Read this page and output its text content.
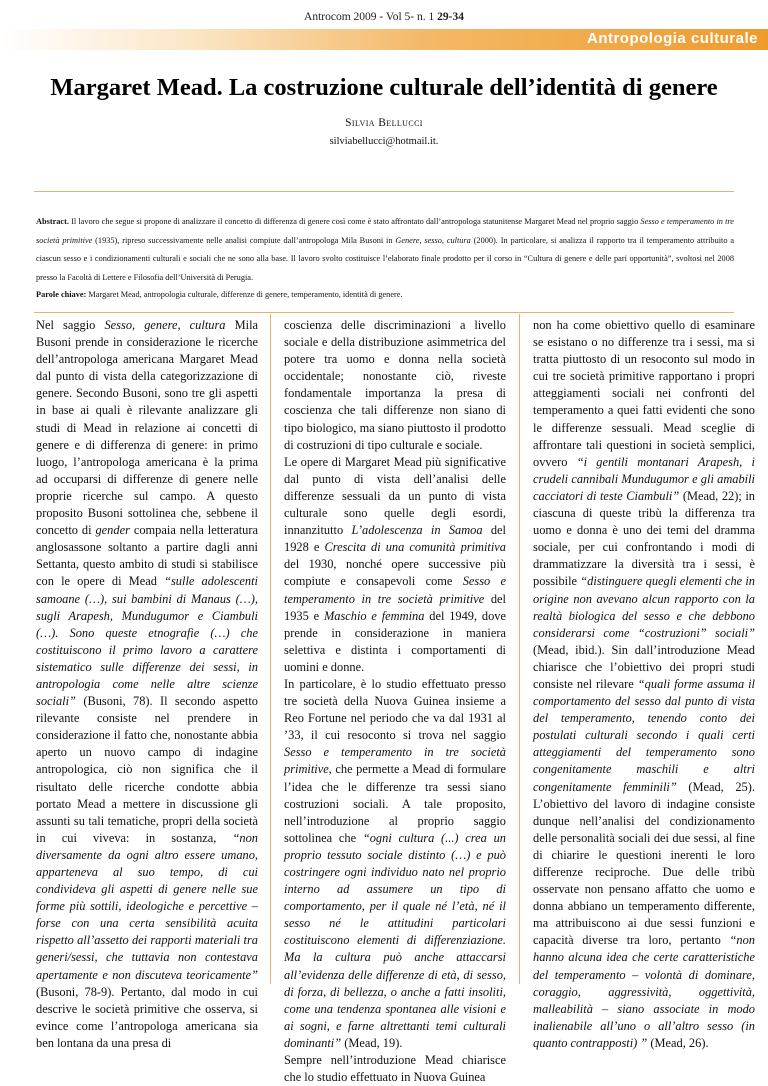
Antrocom 2009 - Vol 5- n. 1 29-34
Antropologia culturale
Margaret Mead. La costruzione culturale dell’identità di genere
Silvia Bellucci
silviabellucci@hotmail.it.
Abstract. Il lavoro che segue si propone di analizzare il concetto di differenza di genere così come è stato affrontato dall’antropologa statunitense Margaret Mead nel proprio saggio Sesso e temperamento in tre società primitive (1935), ripreso successivamente nelle analisi compiute dall’antropologa Mila Busoni in Genere, sesso, cultura (2000). In particolare, si analizza il rapporto tra il temperamento attribuito a ciascun sesso e i condizionamenti culturali e sociali che ne sono alla base. Il lavoro svolto costituisce l’elaborato finale prodotto per il corso in “Cultura di genere e delle pari opportunità”, svoltosi nel 2008 presso la Facoltà di Lettere e Filosofia dell’Università di Perugia.
Parole chiave: Margaret Mead, antropologia culturale, differenze di genere, temperamento, identità di genere.

Nel saggio Sesso, genere, cultura Mila Busoni prende in considerazione le ricerche dell’antropologa americana Margaret Mead dal punto di vista della categorizzazione di genere. Secondo Busoni, sono tre gli aspetti in base ai quali è rilevante analizzare gli studi di Mead in relazione ai concetti di genere e di differenza di genere: in primo luogo, l’antropologa americana è la prima ad occuparsi di differenze di genere nelle proprie ricerche sul campo. A questo proposito Busoni sottolinea che, sebbene il concetto di gender compaia nella letteratura anglosassone soltanto a partire dagli anni Settanta, questo ambito di studi si stabilisce con le opere di Mead “sulle adolescenti samoane (…), sui bambini di Manaus (…), sugli Arapesh, Mundugumor e Ciambuli (…). Sono queste etnografie (…) che costituiscono il primo lavoro a carattere sistematico sulle differenze dei sessi, in antropologia come nelle altre scienze sociali” (Busoni, 78). Il secondo aspetto rilevante consiste nel prendere in considerazione il fatto che, nonostante abbia aperto un nuovo campo di indagine antropologica, ciò non significa che il risultato delle ricerche condotte abbia portato Mead a mettere in discussione gli assunti su tali tematiche, propri della società in cui viveva: in sostanza, “non diversamente da ogni altro essere umano, apparteneva al suo tempo, di cui condivideva gli aspetti di genere nelle sue forme più sottili, ideologiche e percettive – forse con una certa sensibilità acuita rispetto all’assetto dei rapporti materiali tra generi/sessi, che tuttavia non contestava apertamente e non discuteva teoricamente” (Busoni, 78-9). Pertanto, dal modo in cui descrive le società primitive che osserva, si evince come l’antropologa americana sia ben lontana da una presa di

coscienza delle discriminazioni a livello sociale e della distribuzione asimmetrica del potere tra uomo e donna nella società occidentale; nonostante ciò, riveste fondamentale importanza la presa di coscienza che tali differenze non siano di tipo biologico, ma siano piuttosto il prodotto di costruzioni di tipo culturale e sociale.

Le opere di Margaret Mead più significative dal punto di vista dell’analisi delle differenze sessuali da un punto di vista culturale sono quelle degli esordi, innanzitutto L’adolescenza in Samoa del 1928 e Crescita di una comunità primitiva del 1930, nonché opere successive più compiute e consapevoli come Sesso e temperamento in tre società primitive del 1935 e Maschio e femmina del 1949, dove prende in considerazione in maniera selettiva e distinta i comportamenti di uomini e donne.

In particolare, è lo studio effettuato presso tre società della Nuova Guinea insieme a Reo Fortune nel periodo che va dal 1931 al ’33, il cui resoconto si trova nel saggio Sesso e temperamento in tre società primitive, che permette a Mead di formulare l’idea che le differenze tra sessi siano costruzioni sociali. A tale proposito, nell’introduzione al proprio saggio sottolinea che “ogni cultura (...) crea un proprio tessuto sociale distinto (…) e può costringere ogni individuo nato nel proprio interno ad assumere un tipo di comportamento, per il quale né l’età, né il sesso né le attitudini particolari costituiscono elementi di differenziazione. Ma la cultura può anche attaccarsi all’evidenza delle differenze di età, di sesso, di forza, di bellezza, o anche a fatti insoliti, come una tendenza spontanea alle visioni e ai sogni, e farne altrettanti temi culturali dominanti” (Mead, 19).

Sempre nell’introduzione Mead chiarisce che lo studio effettuato in Nuova Guinea

non ha come obiettivo quello di esaminare se esistano o no differenze tra i sessi, ma si tratta piuttosto di un resoconto sul modo in cui tre società primitive rapportano i propri atteggiamenti sociali nei confronti del temperamento a quei fatti evidenti che sono le differenze sessuali. Mead sceglie di affrontare tali questioni in società semplici, ovvero “i gentili montanari Arapesh, i crudeli cannibali Mundugumor e gli amabili cacciatori di teste Ciambuli” (Mead, 22); in ciascuna di queste tribù la differenza tra uomo e donna è uno dei temi del dramma sociale, per cui confrontando i modi di drammatizzare la diversità tra i sessi, è possibile “distinguere quegli elementi che in origine non avevano alcun rapporto con la realtà biologica del sesso e che debbono considerarsi come “costruzioni” sociali” (Mead, ibid.). Sin dall’introduzione Mead chiarisce che l’obiettivo dei propri studi consiste nel rilevare “quali forme assuma il comportamento del sesso dal punto di vista del temperamento, tenendo conto dei postulati culturali secondo i quali certi atteggiamenti del temperamento sono congenitamente maschili e altri congenitamente femminili” (Mead, 25). L’obiettivo del lavoro di indagine consiste dunque nell’analisi del condizionamento delle personalità sociali dei due sessi, al fine di chiarire le questioni inerenti le loro differenze reciproche. Due delle tribù osservate non pensano affatto che uomo e donna abbiano un temperamento differente, ma attribuiscono ai due sessi funzioni e capacità diverse tra loro, pertanto “non hanno alcuna idea che certe caratteristiche del temperamento – volontà di dominare, coraggio, aggressività, oggettività, malleabilità – siano associate in modo inalienabile all’uno o all’altro sesso (in quanto contrapposti) ” (Mead, 26).
